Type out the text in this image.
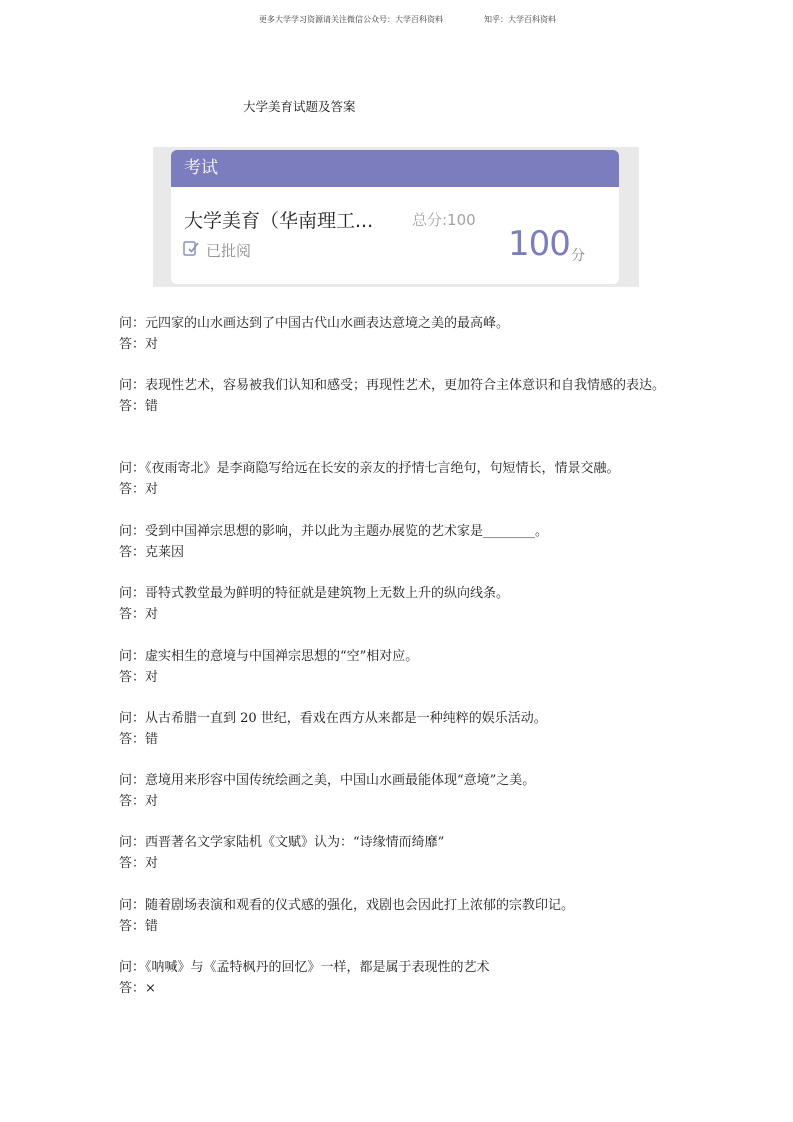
更多大学学习资源请关注微信公众号：大学百科资料	知乎：大学百科资料
大学美育试题及答案
考试
大学美育（华南理工...	总分:100
已批阅	100 分

问：元四家的山水画达到了中国古代山水画表达意境之美的最高峰。

答：对

问：表现性艺术，容易被我们认知和感受；再现性艺术，更加符合主体意识和自我情感的表达。

答：错

问：《夜雨寄北》是李商隐写给远在长安的亲友的抒情七言绝句，句短情长，情景交融。

答：对

问：受到中国禅宗思想的影响，并以此为主题办展览的艺术家是________。

答：克莱因

问：哥特式教堂最为鲜明的特征就是建筑物上无数上升的纵向线条。

答：对

问：虚实相生的意境与中国禅宗思想的“空”相对应。

答：对

问：从古希腊一直到 20 世纪，看戏在西方从来都是一种纯粹的娱乐活动。

答：错

问：意境用来形容中国传统绘画之美，中国山水画最能体现“意境”之美。

答：对

问：西晋著名文学家陆机《文赋》认为：“诗缘情而绮靡”

答：对

问：随着剧场表演和观看的仪式感的强化，戏剧也会因此打上浓郁的宗教印记。

答：错

问：《呐喊》与《孟特枫丹的回忆》一样，都是属于表现性的艺术

答：×
